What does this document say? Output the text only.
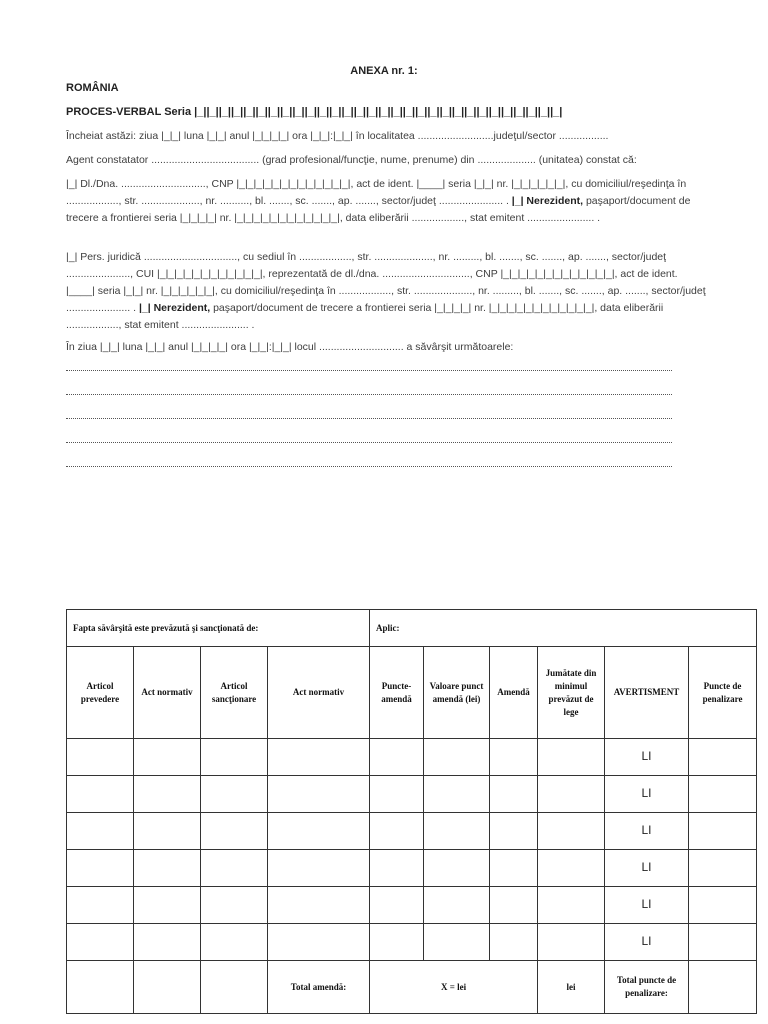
ANEXA nr. 1:
ROMÂNIA
PROCES-VERBAL Seria |_||_||_||_||_||_||_||_||_||_||_||_||_||_||_||_||_||_||_||_||_||_||_||_||_||_||_||_||_||_|
Încheiat astăzi: ziua |_|_| luna |_|_| anul |_|_|_|_| ora |_|_|:|_|_| în localitatea ..........................judeţul/sector .................
Agent constatator ..................................... (grad profesional/funcţie, nume, prenume) din .................... (unitatea) constat că:
|_| Dl./Dna. ............................., CNP |_|_|_|_|_|_|_|_|_|_|_|_|_|, act de ident. |____| seria |_|_| nr. |_|_|_|_|_|_|, cu domiciliul/reşedinţa în .................., str. ...................., nr. .........., bl. ......., sc. ......., ap. ......., sector/judeţ ...................... . |_| Nerezident, paşaport/document de trecere a frontierei seria |_|_|_|_| nr. |_|_|_|_|_|_|_|_|_|_|_|_|, data eliberării .................., stat emitent ....................... .
|_| Pers. juridică ................................, cu sediul în .................., str. ...................., nr. ........., bl. ......., sc. ......., ap. ......., sector/judeţ ......................, CUI |_|_|_|_|_|_|_|_|_|_|_|_|, reprezentată de dl./dna. .............................., CNP |_|_|_|_|_|_|_|_|_|_|_|_|_|, act de ident. |____| seria |_|_| nr. |_|_|_|_|_|_|, cu domiciliul/reşedinţa în .................., str. ...................., nr. ........., bl. ......., sc. ......., ap. ......., sector/judeţ ...................... . |_| Nerezident, paşaport/document de trecere a frontierei seria |_|_|_|_| nr. |_|_|_|_|_|_|_|_|_|_|_|_|, data eliberării .................., stat emitent ....................... .
În ziua |_|_| luna |_|_| anul |_|_|_|_| ora |_|_|:|_|_| locul ............................. a săvârşit următoarele:
Fapta săvârşită este prevăzută şi sancţionată de:				Aplic:					
Articol prevedere	Act normativ	Articol sancţionare	Act normativ	Puncte-amendă	Valoare punct amendă (lei)	Amendă	Jumătate din minimul prevăzut de lege	AVERTISMENT	Puncte de penalizare
								LI	
								LI	
								LI	
								LI	
								LI	
								LI	
			Total amendă:	X = lei			lei	Total puncte de penalizare:	
